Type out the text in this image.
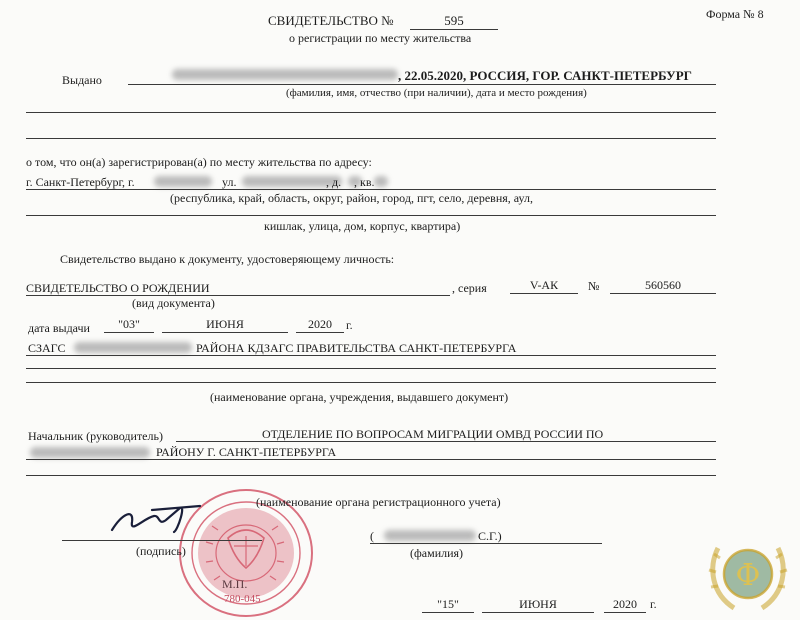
Форма № 8
СВИДЕТЕЛЬСТВО №	595
о регистрации по месту жительства
Выдано	, 22.05.2020, РОССИЯ, ГОР. САНКТ-ПЕТЕРБУРГ
(фамилия, имя, отчество (при наличии), дата и место рождения)
о том, что он(а) зарегистрирован(а) по месту жительства по адресу:
г. Санкт-Петербург, г.	ул.	, д. , кв.
(республика, край, область, округ, район, город, пгт, село, деревня, аул,
кишлак, улица, дом, корпус, квартира)
Свидетельство выдано к документу, удостоверяющему личность:
СВИДЕТЕЛЬСТВО О РОЖДЕНИИ	, серия	V-АК	№	560560
(вид документа)
дата выдачи	"03"	ИЮНЯ	2020	г.
СЗАГС	РАЙОНА КДЗАГС ПРАВИТЕЛЬСТВА САНКТ-ПЕТЕРБУРГА
(наименование органа, учреждения, выдавшего документ)
Начальник (руководитель)	ОТДЕЛЕНИЕ ПО ВОПРОСАМ МИГРАЦИИ ОМВД РОССИИ ПО
РАЙОНУ Г. САНКТ-ПЕТЕРБУРГА
(наименование органа регистрационного учета)
М.П.
780-045
(подпись)
(	С.Г.)
(фамилия)
"15"	ИЮНЯ	2020	г.
Ф
